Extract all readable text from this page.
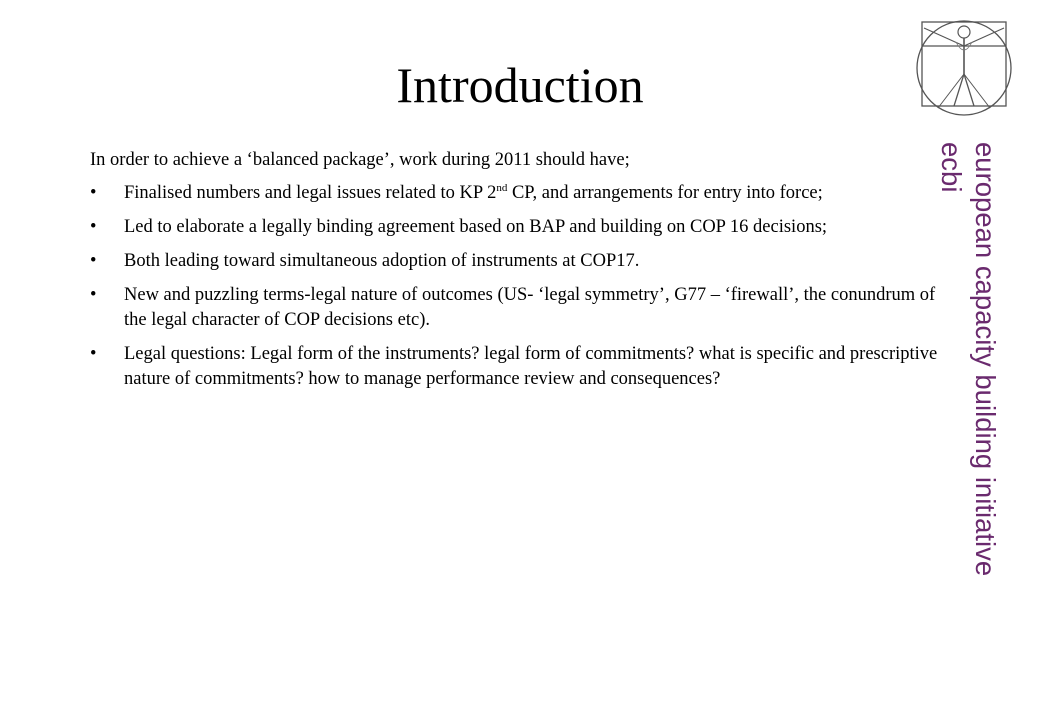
Introduction

In order to achieve a ‘balanced package’, work during 2011 should have;

• Finalised numbers and legal issues related to KP 2nd CP, and arrangements for entry into force;
• Led to elaborate a legally binding agreement based on BAP and building on COP 16 decisions;
• Both leading toward simultaneous adoption of instruments at COP17.
• New and puzzling terms-legal nature of outcomes (US- ‘legal symmetry’, G77 – ‘firewall’, the conundrum of the legal character of COP decisions etc).
• Legal questions: Legal form of the instruments? legal form of commitments? what is specific and prescriptive nature of commitments? how to manage performance review and consequences?	european capacity building initiative
ecbi
